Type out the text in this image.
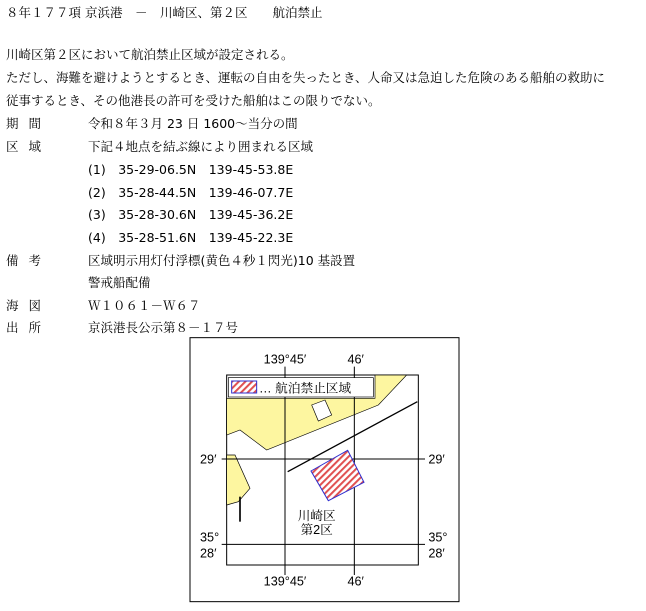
８年１７７項 京浜港　－　川崎区、第２区　　航泊禁止
川崎区第２区において航泊禁止区域が設定される。
ただし、海難を避けようとするとき、運転の自由を失ったとき、人命又は急迫した危険のある船舶の救助に
従事するとき、その他港長の許可を受けた船舶はこの限りでない。
期間	令和８年３月 23 日 1600～当分の間
区域	下記４地点を結ぶ線により囲まれる区域
(1)　35-29-06.5N　139-45-53.8E
(2)　35-28-44.5N　139-46-07.7E
(3)　35-28-30.6N　139-45-36.2E
(4)　35-28-51.6N　139-45-22.3E
備考	区域明示用灯付浮標(黄色４秒１閃光)10 基設置
警戒船配備
海図	Ｗ１０６１－Ｗ６７
出所	京浜港長公示第８－１７号
… 航泊禁止区域
139°45′ 46′
139°45′ 46′
29′	29′
35°
28′
35°
28′
川崎区
第2区
